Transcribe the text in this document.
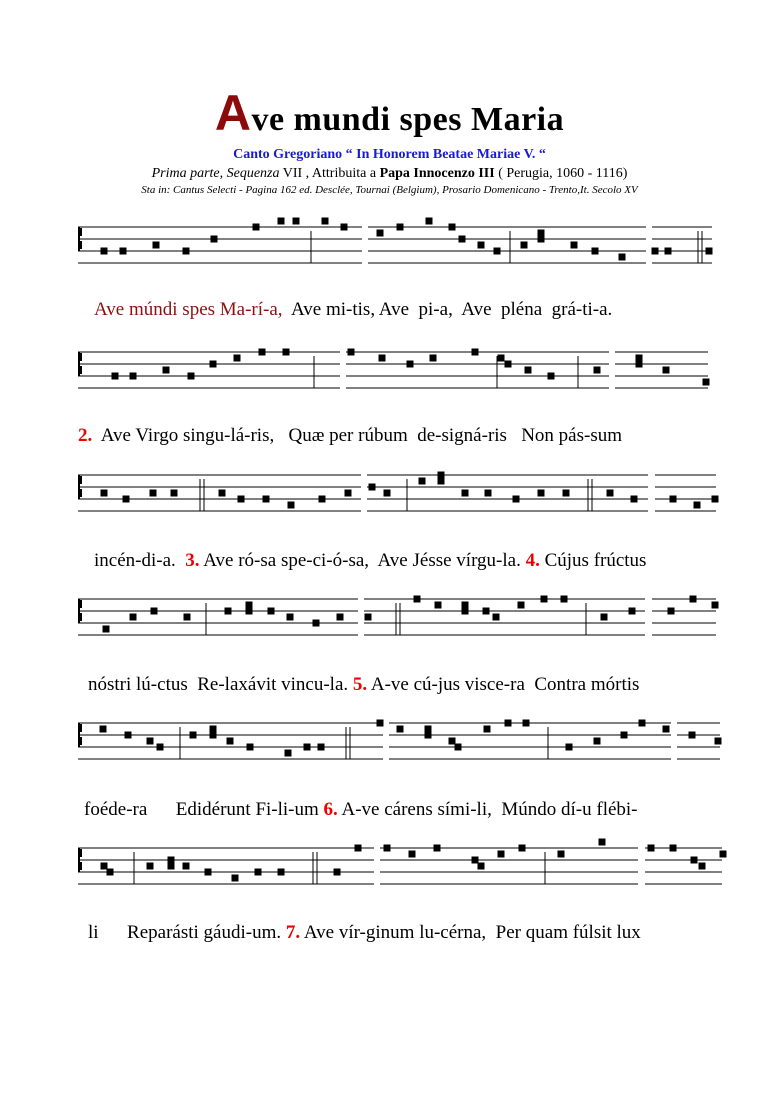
Ave mundi spes Maria
Canto Gregoriano “ In Honorem Beatae Mariae V. “
Prima parte, Sequenza VII , Attribuita a Papa Innocenzo III ( Perugia, 1060 - 1116)
Sta in: Cantus Selecti - Pagina 162 ed. Desclée, Tournai (Belgium), Prosario Domenicano - Trento,It. Secolo XV
Ave múndi spes Ma-rí-a,  Ave mi-tis, Ave  pi-a,  Ave  pléna  grá-ti-a.
2.  Ave Virgo singu-lá-ris,   Quæ per rúbum  de-signá-ris   Non pás-sum
incén-di-a.  3. Ave ró-sa spe-ci-ó-sa,  Ave Jésse vírgu-la. 4. Cújus frúctus
nóstri lú-ctus  Re-laxávit vincu-la. 5. A-ve cú-jus visce-ra  Contra mórtis
foéde-ra      Edidérunt Fi-li-um 6. A-ve cárens sími-li,  Múndo dí-u flébi-
li      Reparásti gáudi-um. 7. Ave vír-ginum lu-cérna,  Per quam fúlsit lux
